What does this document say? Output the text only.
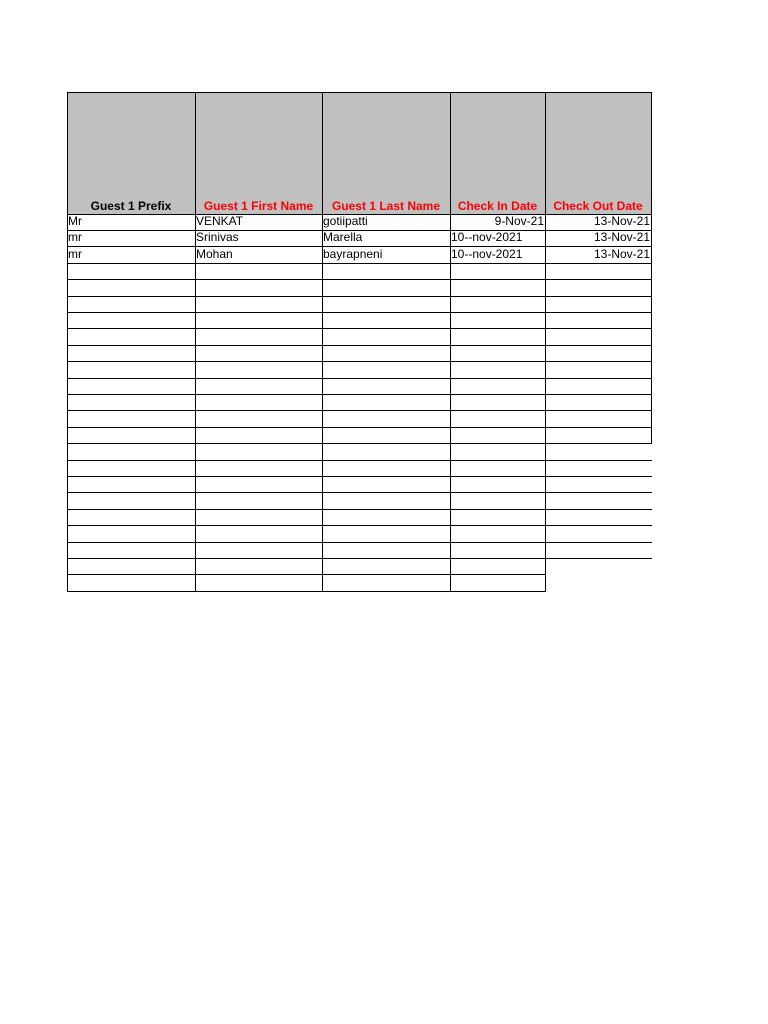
Guest 1 Prefix	Guest 1 First Name	Guest 1 Last Name	Check In Date	Check Out Date
Mr	VENKAT	gotiipatti	9-Nov-21	13-Nov-21
mr	Srinivas	Marella	10--nov-2021	13-Nov-21
mr	Mohan	bayrapneni	10--nov-2021	13-Nov-21
